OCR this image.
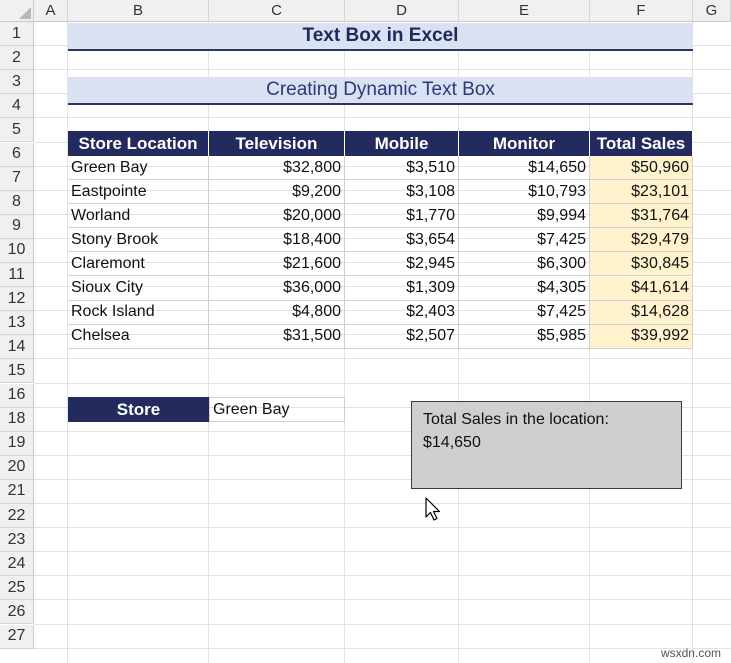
A	B	C	D	E	F	G
1
2
3
4
5
6
7
8
9
10
11
12
13
14
15
16
18
19
20
21
22
23
24
25
26
27
Text Box in Excel
Creating Dynamic Text Box
Store Location	Television	Mobile	Monitor	Total Sales
Green Bay	$32,800	$3,510	$14,650	$50,960
Eastpointe	$9,200	$3,108	$10,793	$23,101
Worland	$20,000	$1,770	$9,994	$31,764
Stony Brook	$18,400	$3,654	$7,425	$29,479
Claremont	$21,600	$2,945	$6,300	$30,845
Sioux City	$36,000	$1,309	$4,305	$41,614
Rock Island	$4,800	$2,403	$7,425	$14,628
Chelsea	$31,500	$2,507	$5,985	$39,992
Store	Green Bay
Total Sales in the location:
$14,650
wsxdn.com
